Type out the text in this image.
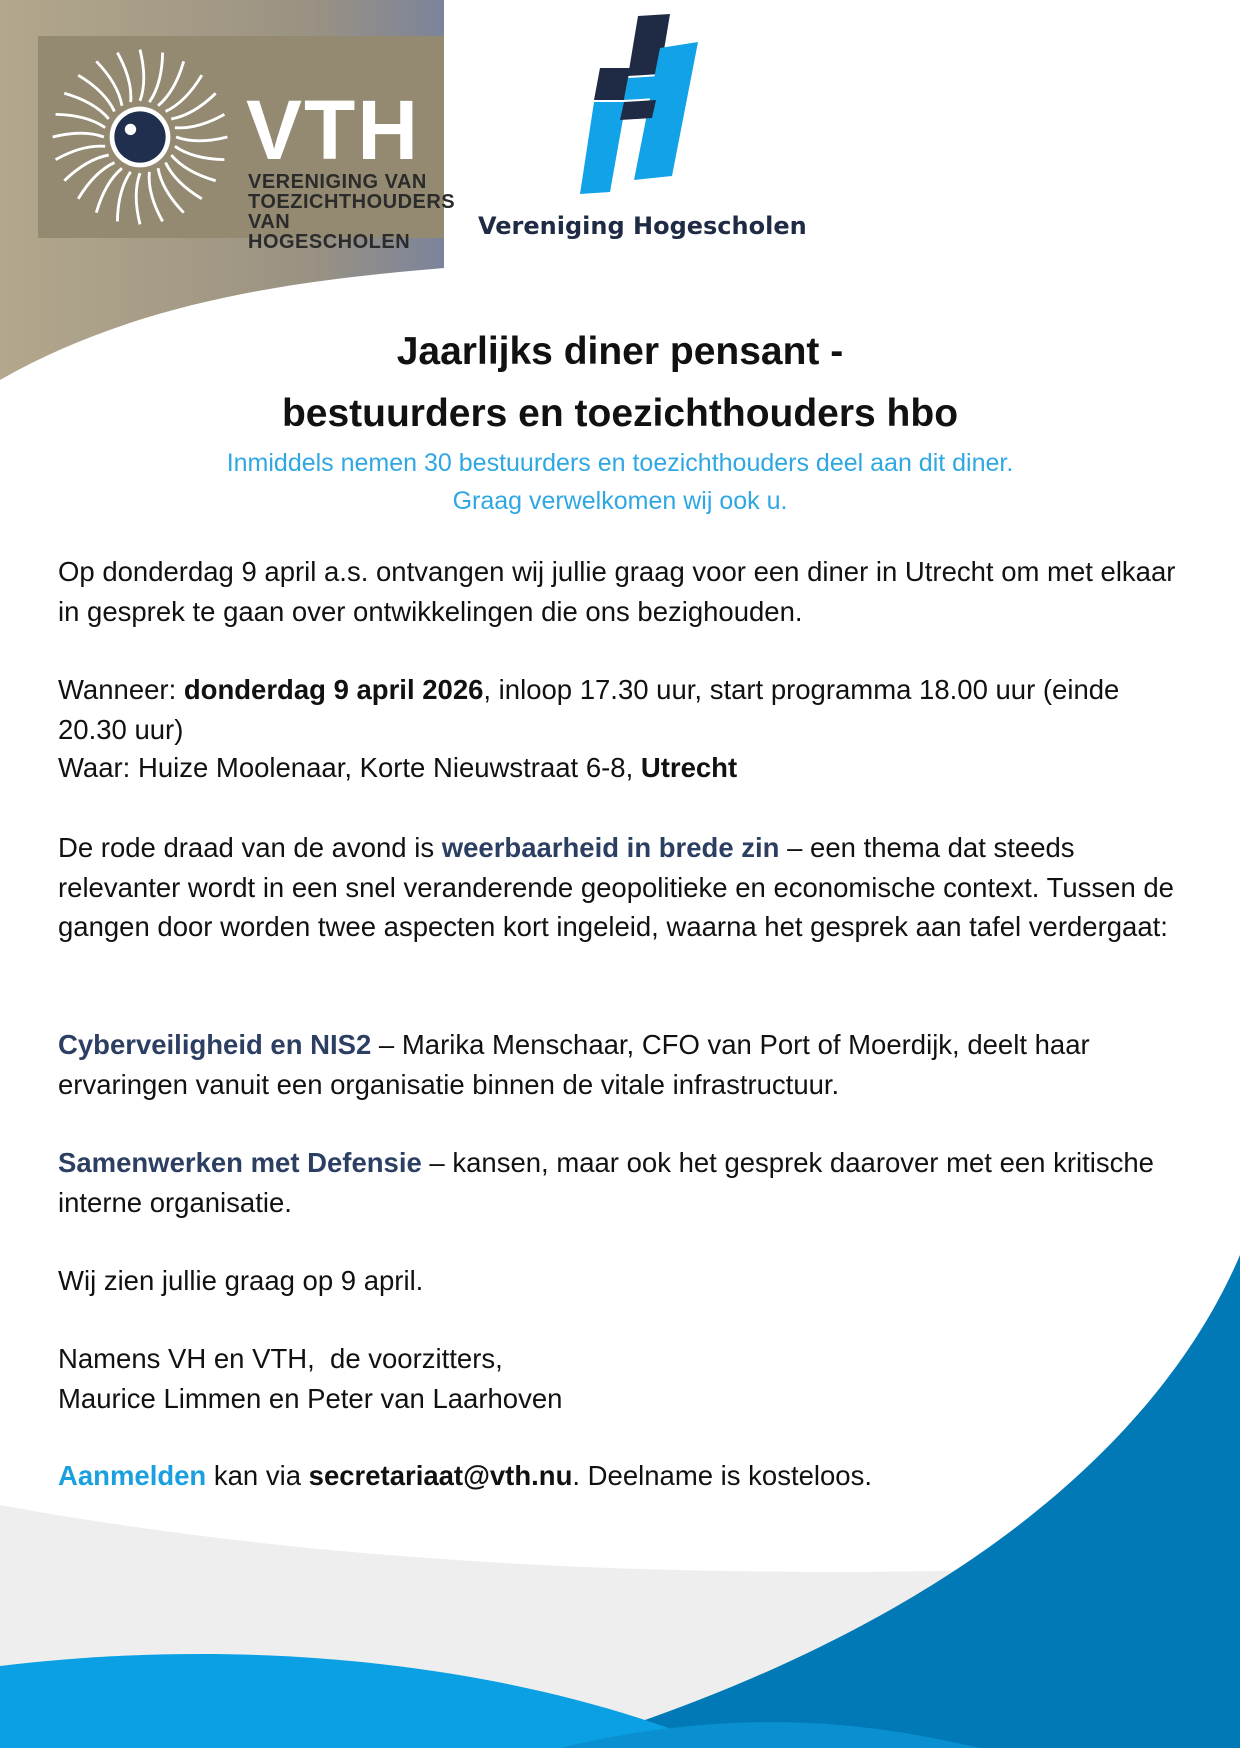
VTH
VERENIGING VAN
TOEZICHTHOUDERS
VAN HOGESCHOLEN
Vereniging Hogescholen
Jaarlijks diner pensant -
bestuurders en toezichthouders hbo
Inmiddels nemen 30 bestuurders en toezichthouders deel aan dit diner.
Graag verwelkomen wij ook u.
Op donderdag 9 april a.s. ontvangen wij jullie graag voor een diner in Utrecht om met elkaar in gesprek te gaan over ontwikkelingen die ons bezighouden.
Wanneer: donderdag 9 april 2026, inloop 17.30 uur, start programma 18.00 uur (einde 20.30 uur)
Waar: Huize Moolenaar, Korte Nieuwstraat 6-8, Utrecht
De rode draad van de avond is weerbaarheid in brede zin – een thema dat steeds relevanter wordt in een snel veranderende geopolitieke en economische context. Tussen de gangen door worden twee aspecten kort ingeleid, waarna het gesprek aan tafel verdergaat:
Cyberveiligheid en NIS2 – Marika Menschaar, CFO van Port of Moerdijk, deelt haar ervaringen vanuit een organisatie binnen de vitale infrastructuur.
Samenwerken met Defensie – kansen, maar ook het gesprek daarover met een kritische interne organisatie.
Wij zien jullie graag op 9 april.
Namens VH en VTH,  de voorzitters,
Maurice Limmen en Peter van Laarhoven
Aanmelden kan via secretariaat@vth.nu. Deelname is kosteloos.
